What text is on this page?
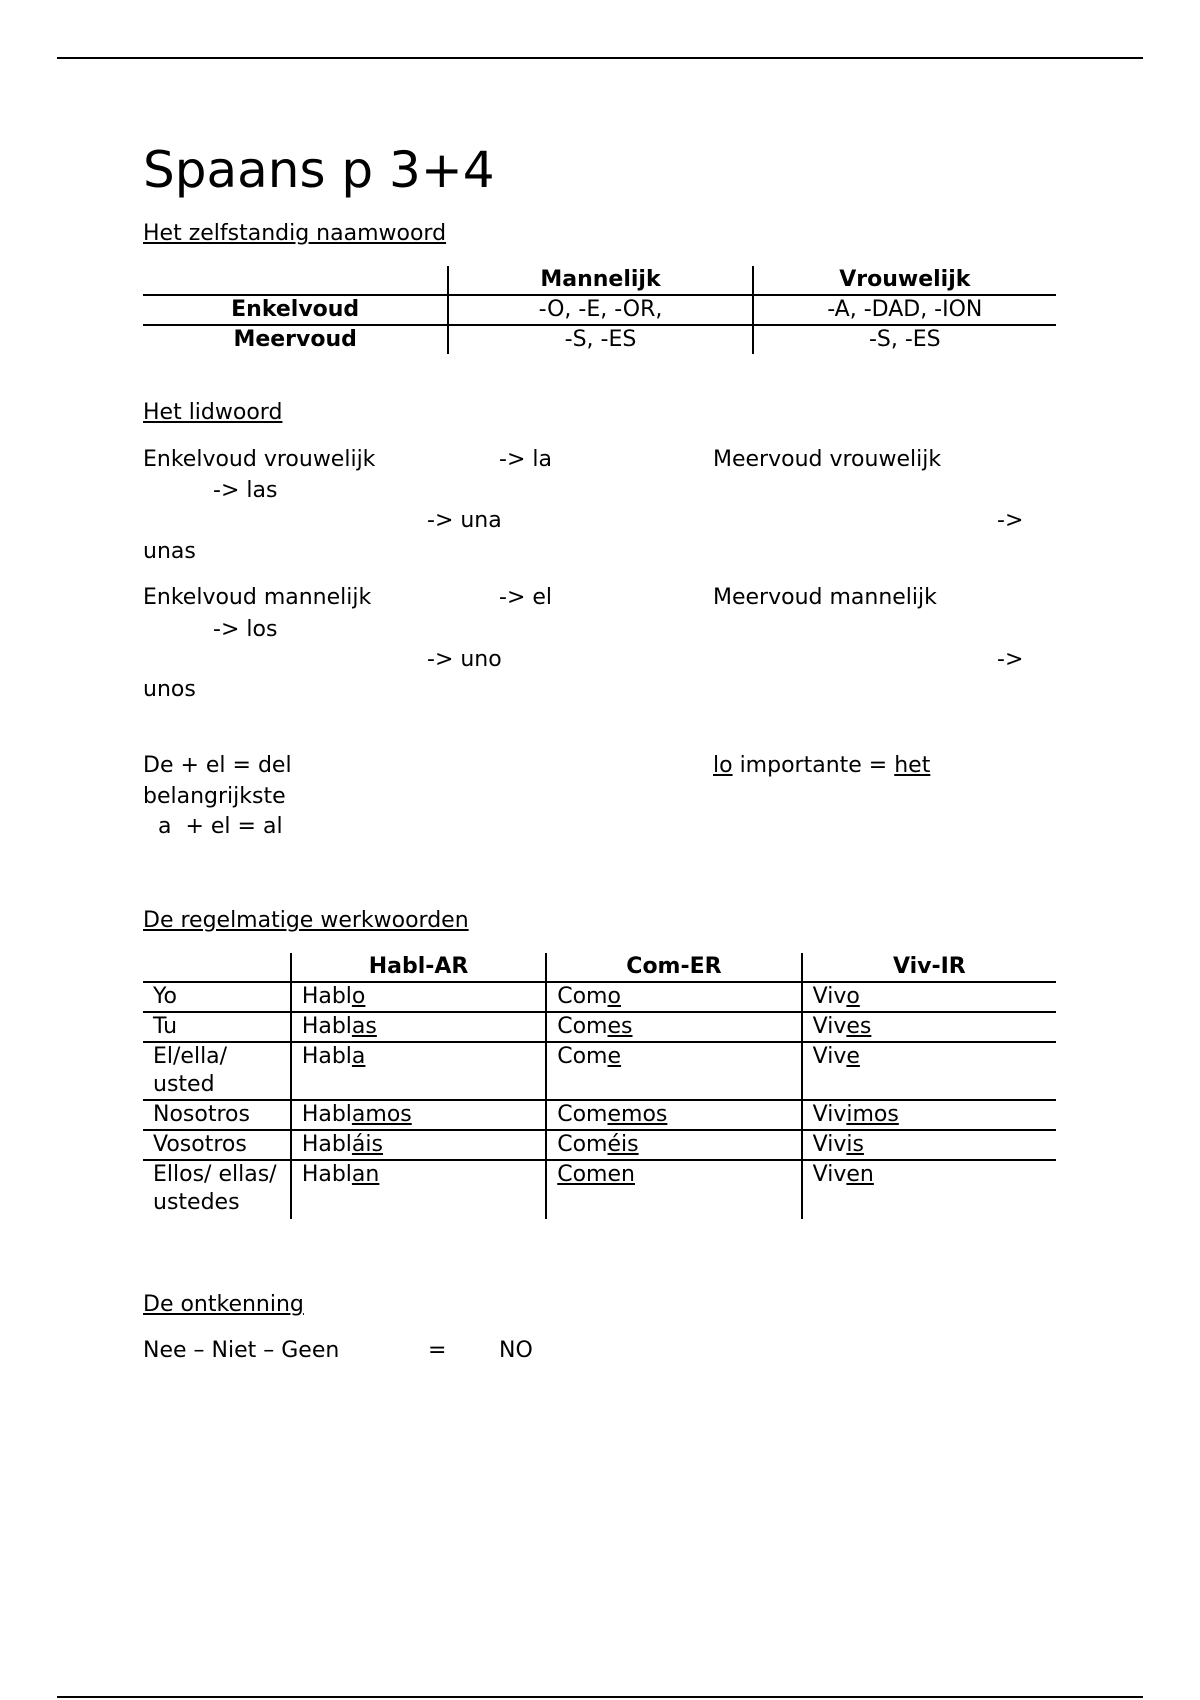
Spaans p 3+4
Het zelfstandig naamwoord
	Mannelijk	Vrouwelijk
Enkelvoud	-O, -E, -OR,	-A, -DAD, -ION
Meervoud	-S, -ES	-S, -ES
Het lidwoord
Enkelvoud vrouwelijk	-> la	Meervoud vrouwelijk
-> las
-> una	->
unas
Enkelvoud mannelijk	-> el	Meervoud mannelijk
-> los
-> uno	->
unos
De + el = del	lo importante = het
belangrijkste
a  + el = al
De regelmatige werkwoorden
	Habl-AR	Com-ER	Viv-IR
Yo	Hablo	Como	Vivo
Tu	Hablas	Comes	Vives
El/ella/ usted	Habla	Come	Vive
Nosotros	Hablamos	Comemos	Vivimos
Vosotros	Habláis	Coméis	Vivis
Ellos/ ellas/ ustedes	Hablan	Comen	Viven
De ontkenning
Nee – Niet – Geen	= NO
